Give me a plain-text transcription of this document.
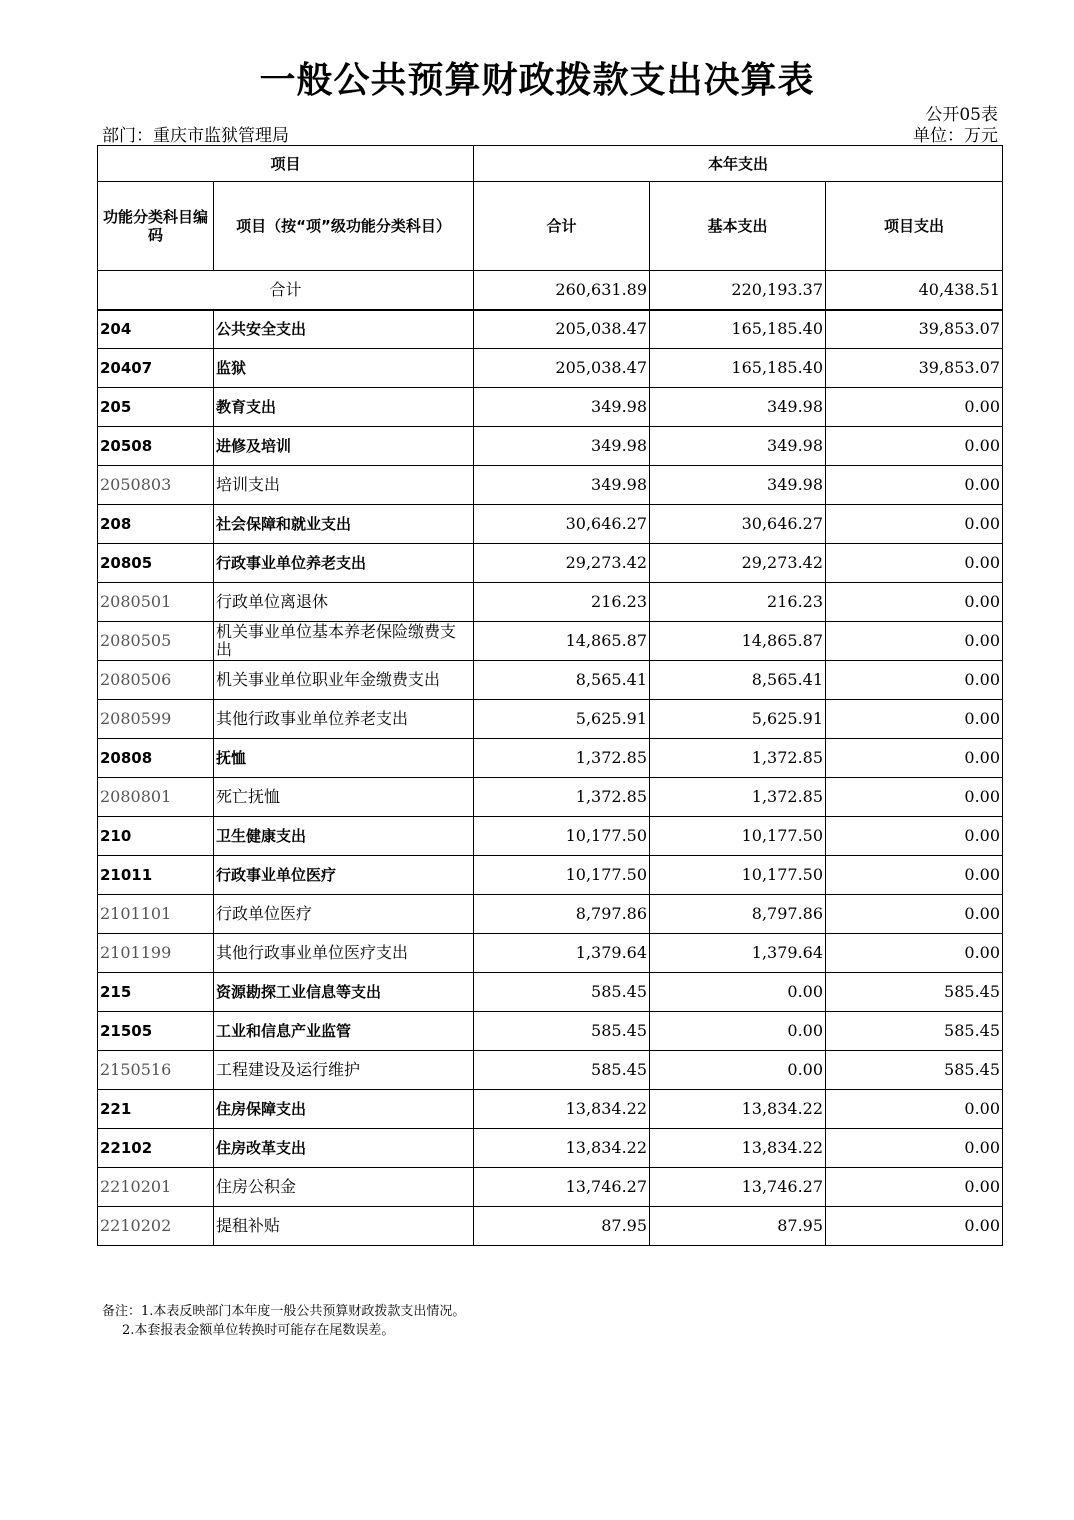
一般公共预算财政拨款支出决算表
公开05表
部门：重庆市监狱管理局	单位：万元
项目		本年支出		
功能分类科目编码	项目（按“项”级功能分类科目）	合计	基本支出	项目支出
合计		260,631.89	220,193.37	40,438.51
204	公共安全支出	205,038.47	165,185.40	39,853.07
20407	监狱	205,038.47	165,185.40	39,853.07
205	教育支出	349.98	349.98	0.00
20508	进修及培训	349.98	349.98	0.00
2050803	培训支出	349.98	349.98	0.00
208	社会保障和就业支出	30,646.27	30,646.27	0.00
20805	行政事业单位养老支出	29,273.42	29,273.42	0.00
2080501	行政单位离退休	216.23	216.23	0.00
2080505	机关事业单位基本养老保险缴费支出	14,865.87	14,865.87	0.00
2080506	机关事业单位职业年金缴费支出	8,565.41	8,565.41	0.00
2080599	其他行政事业单位养老支出	5,625.91	5,625.91	0.00
20808	抚恤	1,372.85	1,372.85	0.00
2080801	死亡抚恤	1,372.85	1,372.85	0.00
210	卫生健康支出	10,177.50	10,177.50	0.00
21011	行政事业单位医疗	10,177.50	10,177.50	0.00
2101101	行政单位医疗	8,797.86	8,797.86	0.00
2101199	其他行政事业单位医疗支出	1,379.64	1,379.64	0.00
215	资源勘探工业信息等支出	585.45	0.00	585.45
21505	工业和信息产业监管	585.45	0.00	585.45
2150516	工程建设及运行维护	585.45	0.00	585.45
221	住房保障支出	13,834.22	13,834.22	0.00
22102	住房改革支出	13,834.22	13,834.22	0.00
2210201	住房公积金	13,746.27	13,746.27	0.00
2210202	提租补贴	87.95	87.95	0.00
备注：1.本表反映部门本年度一般公共预算财政拨款支出情况。
2.本套报表金额单位转换时可能存在尾数误差。
